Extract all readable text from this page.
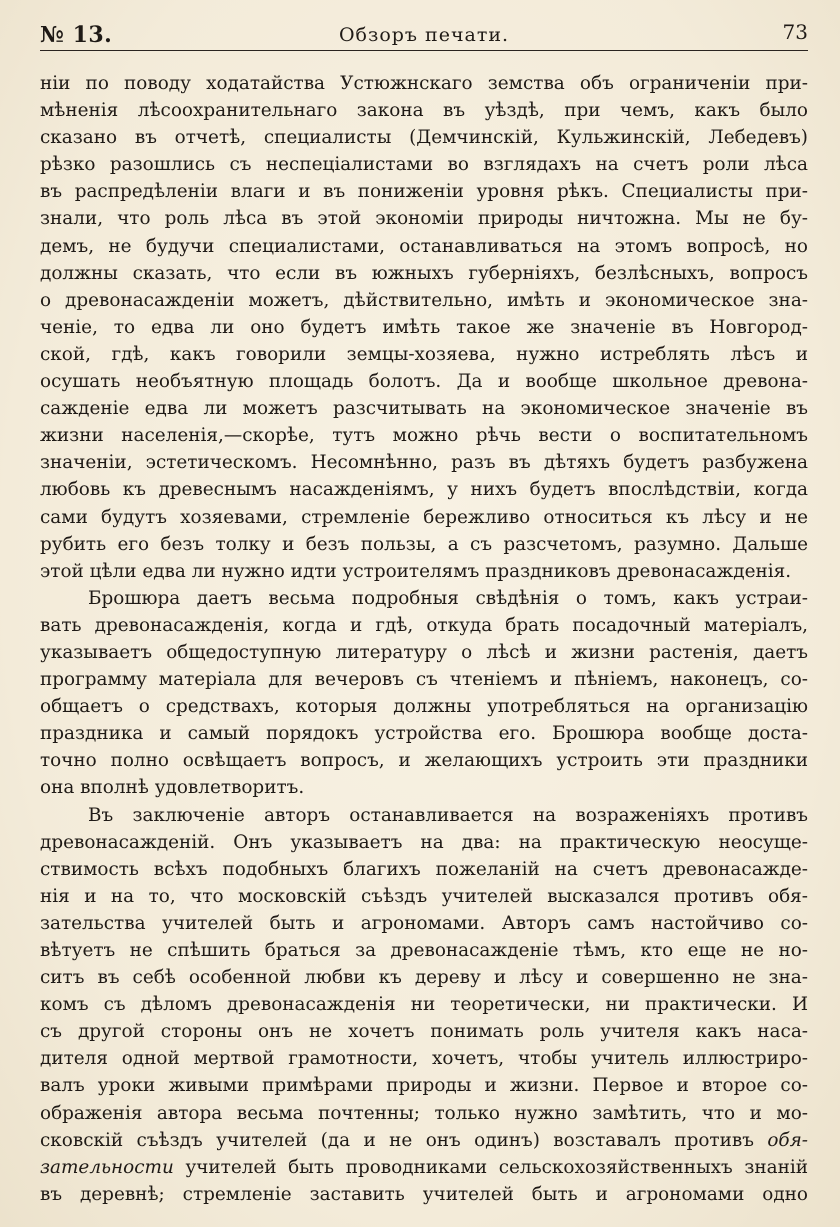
№ 13.	Обзоръ печати.	73
нiи по поводу ходатайства Устюжнскаго земства объ ограниченiи при-
мѣненiя лѣсоохранительнаго закона въ уѣздѣ, при чемъ, какъ было
сказано въ отчетѣ, специалисты (Демчинскiй, Кульжинскiй, Лебедевъ)
рѣзко разошлись съ неспецiалистами во взглядахъ на счетъ роли лѣса
въ распредѣленiи влаги и въ пониженiи уровня рѣкъ. Специалисты при-
знали, что роль лѣса въ этой экономiи природы ничтожна. Мы не бу-
демъ, не будучи специалистами, останавливаться на этомъ вопросѣ, но
должны сказать, что если въ южныхъ губернiяхъ, безлѣсныхъ, вопросъ
о древонасажденiи можетъ, дѣйствительно, имѣть и экономическое зна-
ченiе, то едва ли оно будетъ имѣть такое же значенiе въ Новгород-
ской, гдѣ, какъ говорили земцы-хозяева, нужно истреблять лѣсъ и
осушать необъятную площадь болотъ. Да и вообще школьное древона-
сажденiе едва ли можетъ разсчитывать на экономическое значенiе въ
жизни населенiя,—скорѣе, тутъ можно рѣчь вести о воспитательномъ
значенiи, эстетическомъ. Несомнѣнно, разъ въ дѣтяхъ будетъ разбужена
любовь къ древеснымъ насажденiямъ, у нихъ будетъ впослѣдствiи, когда
сами будутъ хозяевами, стремленiе бережливо относиться къ лѣсу и не
рубить его безъ толку и безъ пользы, а съ разсчетомъ, разумно. Дальше
этой цѣли едва ли нужно идти устроителямъ праздниковъ древонасажденiя.
Брошюра даетъ весьма подробныя свѣдѣнiя о томъ, какъ устраи-
вать древонасажденiя, когда и гдѣ, откуда брать посадочный матерiалъ,
указываетъ общедоступную литературу о лѣсѣ и жизни растенiя, даетъ
программу матерiала для вечеровъ съ чтенiемъ и пѣнiемъ, наконецъ, со-
общаетъ о средствахъ, которыя должны употребляться на организацiю
праздника и самый порядокъ устройства его. Брошюра вообще доста-
точно полно освѣщаетъ вопросъ, и желающихъ устроить эти праздники
она вполнѣ удовлетворитъ.
Въ заключенiе авторъ останавливается на возраженiяхъ противъ
древонасажденiй. Онъ указываетъ на два: на практическую неосуще-
ствимость всѣхъ подобныхъ благихъ пожеланiй на счетъ древонасажде-
нiя и на то, что московскiй съѣздъ учителей высказался противъ обя-
зательства учителей быть и агрономами. Авторъ самъ настойчиво со-
вѣтуетъ не спѣшить браться за древонасажденiе тѣмъ, кто еще не но-
ситъ въ себѣ особенной любви къ дереву и лѣсу и совершенно не зна-
комъ съ дѣломъ древонасажденiя ни теоретически, ни практически. И
съ другой стороны онъ не хочетъ понимать роль учителя какъ наса-
дителя одной мертвой грамотности, хочетъ, чтобы учитель иллюстриро-
валъ уроки живыми примѣрами природы и жизни. Первое и второе со-
ображенiя автора весьма почтенны; только нужно замѣтить, что и мо-
сковскiй съѣздъ учителей (да и не онъ одинъ) возставалъ противъ обя-
зательности учителей быть проводниками сельскохозяйственныхъ знанiй
въ деревнѣ; стремленiе заставить учителей быть и агрономами одно
